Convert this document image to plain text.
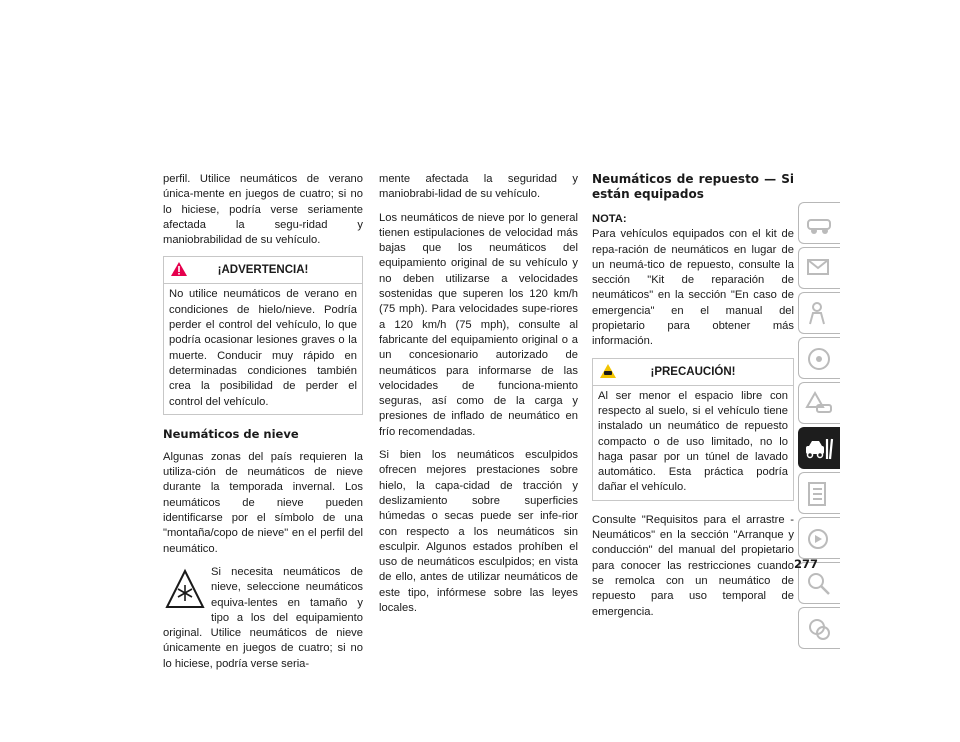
perfil. Utilice neumáticos de verano única-mente en juegos de cuatro; si no lo hiciese, podría verse seriamente afectada la segu-ridad y maniobrabilidad de su vehículo.

¡ADVERTENCIA!
No utilice neumáticos de verano en condiciones de hielo/nieve. Podría perder el control del vehículo, lo que podría ocasionar lesiones graves o la muerte. Conducir muy rápido en determinadas condiciones también crea la posibilidad de perder el control del vehículo.
Neumáticos de nieve

Algunas zonas del país requieren la utiliza-ción de neumáticos de nieve durante la temporada invernal. Los neumáticos de nieve pueden identificarse por el símbolo de una "montaña/copo de nieve" en el perfil del neumático.

Si necesita neumáticos de nieve, seleccione neumáticos equiva-lentes en tamaño y tipo a los del equipamiento original. Utilice neumáticos de nieve únicamente en juegos de cuatro; si no lo hiciese, podría verse seria-

mente afectada la seguridad y maniobrabi-lidad de su vehículo.

Los neumáticos de nieve por lo general tienen estipulaciones de velocidad más bajas que los neumáticos del equipamiento original de su vehículo y no deben utilizarse a velocidades sostenidas que superen los 120 km/h (75 mph). Para velocidades supe-riores a 120 km/h (75 mph), consulte al fabricante del equipamiento original o a un concesionario autorizado de neumáticos para informarse de las velocidades de funciona-miento seguras, así como de la carga y presiones de inflado de neumático en frío recomendadas.

Si bien los neumáticos esculpidos ofrecen mejores prestaciones sobre hielo, la capa-cidad de tracción y deslizamiento sobre superficies húmedas o secas puede ser infe-rior con respecto a los neumáticos sin esculpir. Algunos estados prohíben el uso de neumáticos esculpidos; en vista de ello, antes de utilizar neumáticos de este tipo, infórmese sobre las leyes locales.

Neumáticos de repuesto — Si están equipados
NOTA:

Para vehículos equipados con el kit de repa-ración de neumáticos en lugar de un neumá-tico de repuesto, consulte la sección "Kit de reparación de neumáticos" en la sección "En caso de emergencia" en el manual del propietario para obtener más información.

¡PRECAUCIÓN!
Al ser menor el espacio libre con respecto al suelo, si el vehículo tiene instalado un neumático de repuesto compacto o de uso limitado, no lo haga pasar por un túnel de lavado automático. Esta práctica podría dañar el vehículo.

Consulte "Requisitos para el arrastre -Neumáticos" en la sección "Arranque y conducción" del manual del propietario para conocer las restricciones cuando se remolca con un neumático de repuesto para uso temporal de emergencia.

277
